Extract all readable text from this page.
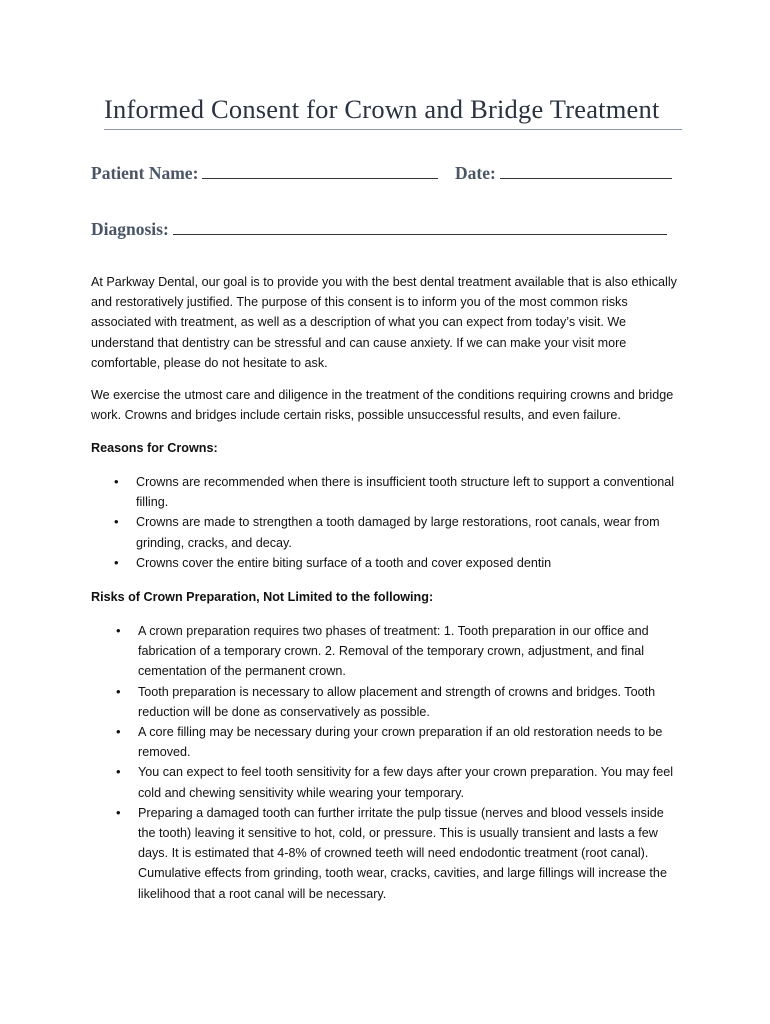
Informed Consent for Crown and Bridge Treatment
Patient Name:	Date:
Diagnosis:

At Parkway Dental, our goal is to provide you with the best dental treatment available that is also ethically and restoratively justified. The purpose of this consent is to inform you of the most common risks associated with treatment, as well as a description of what you can expect from today’s visit. We understand that dentistry can be stressful and can cause anxiety. If we can make your visit more comfortable, please do not hesitate to ask.

We exercise the utmost care and diligence in the treatment of the conditions requiring crowns and bridge work. Crowns and bridges include certain risks, possible unsuccessful results, and even failure.

Reasons for Crowns:
• Crowns are recommended when there is insufficient tooth structure left to support a conventional filling.
• Crowns are made to strengthen a tooth damaged by large restorations, root canals, wear from grinding, cracks, and decay.
• Crowns cover the entire biting surface of a tooth and cover exposed dentin
Risks of Crown Preparation, Not Limited to the following:
• A crown preparation requires two phases of treatment: 1. Tooth preparation in our office and fabrication of a temporary crown. 2. Removal of the temporary crown, adjustment, and final cementation of the permanent crown.
• Tooth preparation is necessary to allow placement and strength of crowns and bridges. Tooth reduction will be done as conservatively as possible.
• A core filling may be necessary during your crown preparation if an old restoration needs to be removed.
• You can expect to feel tooth sensitivity for a few days after your crown preparation. You may feel cold and chewing sensitivity while wearing your temporary.
• Preparing a damaged tooth can further irritate the pulp tissue (nerves and blood vessels inside the tooth) leaving it sensitive to hot, cold, or pressure. This is usually transient and lasts a few days. It is estimated that 4-8% of crowned teeth will need endodontic treatment (root canal). Cumulative effects from grinding, tooth wear, cracks, cavities, and large fillings will increase the likelihood that a root canal will be necessary.
